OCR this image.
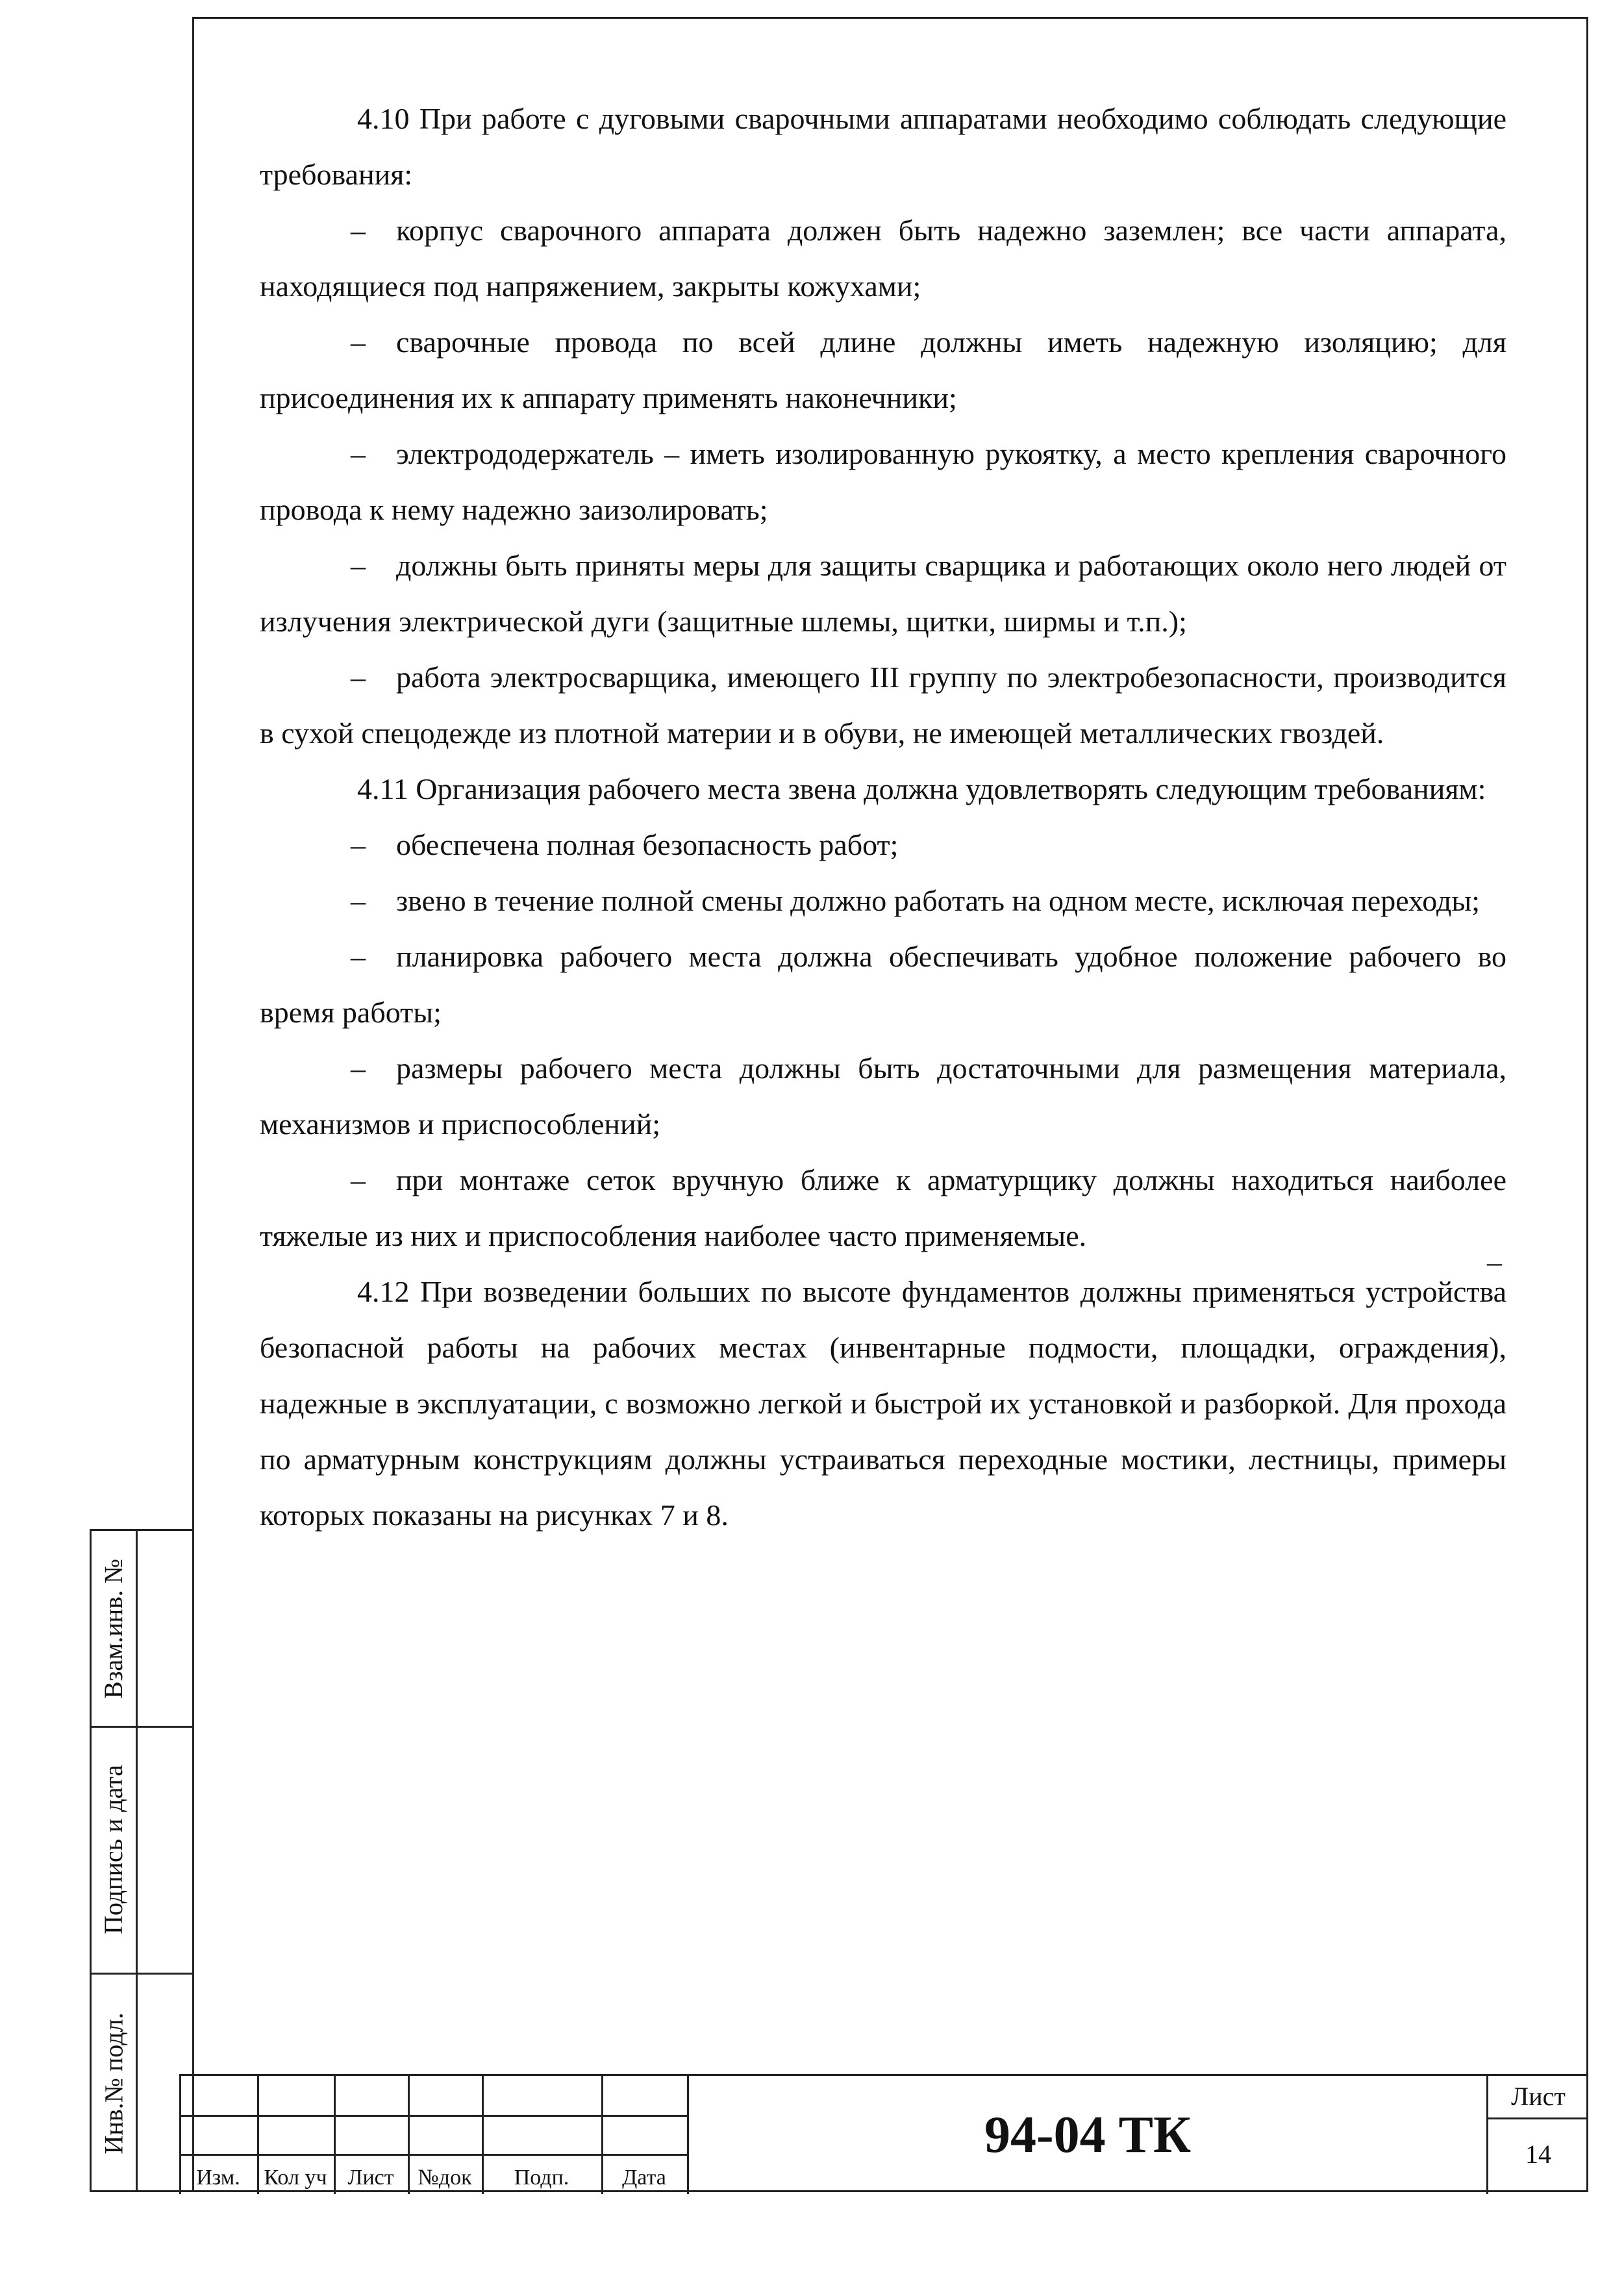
4.10 При работе с дуговыми сварочными аппаратами необходимо соблюдать следующие требования:

– корпус сварочного аппарата должен быть надежно заземлен; все части аппарата, находящиеся под напряжением, закрыты кожухами;

– сварочные провода по всей длине должны иметь надежную изоляцию; для присоединения их к аппарату применять наконечники;

– электрододержатель – иметь изолированную рукоятку, а место крепления сварочного провода к нему надежно заизолировать;

– должны быть приняты меры для защиты сварщика и работающих около него людей от излучения электрической дуги (защитные шлемы, щитки, ширмы и т.п.);

– работа электросварщика, имеющего III группу по электробезопасности, производится в сухой спецодежде из плотной материи и в обуви, не имеющей металлических гвоздей.

4.11 Организация рабочего места звена должна удовлетворять следующим требованиям:

– обеспечена полная безопасность работ;

– звено в течение полной смены должно работать на одном месте, исключая переходы;

– планировка рабочего места должна обеспечивать удобное положение рабочего во время работы;

– размеры рабочего места должны быть достаточными для размещения материала, механизмов и приспособлений;

– при монтаже сеток вручную ближе к арматурщику должны находиться наиболее тяжелые из них и приспособления наиболее часто применяемые.

4.12 При возведении больших по высоте фундаментов должны применяться устройства безопасной работы на рабочих местах (инвентарные подмости, площадки, ограждения), надежные в эксплуатации, с возможно легкой и быстрой их установкой и разборкой. Для прохода по арматурным конструкциям должны устраиваться переходные мостики, лестницы, примеры которых показаны на рисунках 7 и 8.

–
Взам.инв. №
Подпись и дата
Инв.№ подл.
Изм.	Кол уч Лист	№док	Подп.	Дата
94-04 ТК
Лист
14
